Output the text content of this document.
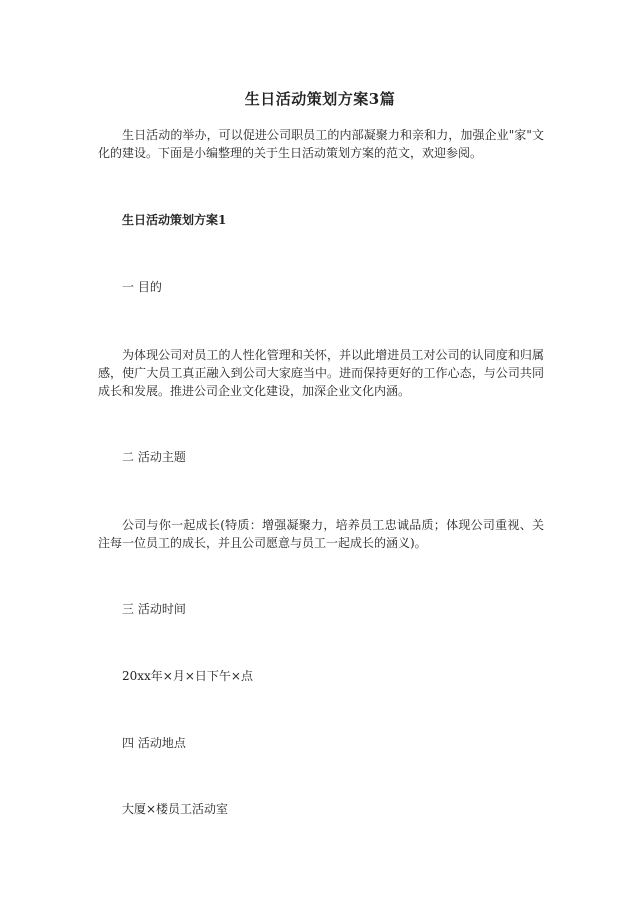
生日活动策划方案3篇
生日活动的举办，可以促进公司职员工的内部凝聚力和亲和力，加强企业"家"文化的建设。下面是小编整理的关于生日活动策划方案的范文，欢迎参阅。
生日活动策划方案1
一 目的
为体现公司对员工的人性化管理和关怀，并以此增进员工对公司的认同度和归属感，使广大员工真正融入到公司大家庭当中。进而保持更好的工作心态，与公司共同成长和发展。推进公司企业文化建设，加深企业文化内涵。
二 活动主题
公司与你一起成长(特质：增强凝聚力，培养员工忠诚品质；体现公司重视、关注每一位员工的成长，并且公司愿意与员工一起成长的涵义)。
三 活动时间
20xx年×月×日下午×点
四 活动地点
大厦×楼员工活动室
